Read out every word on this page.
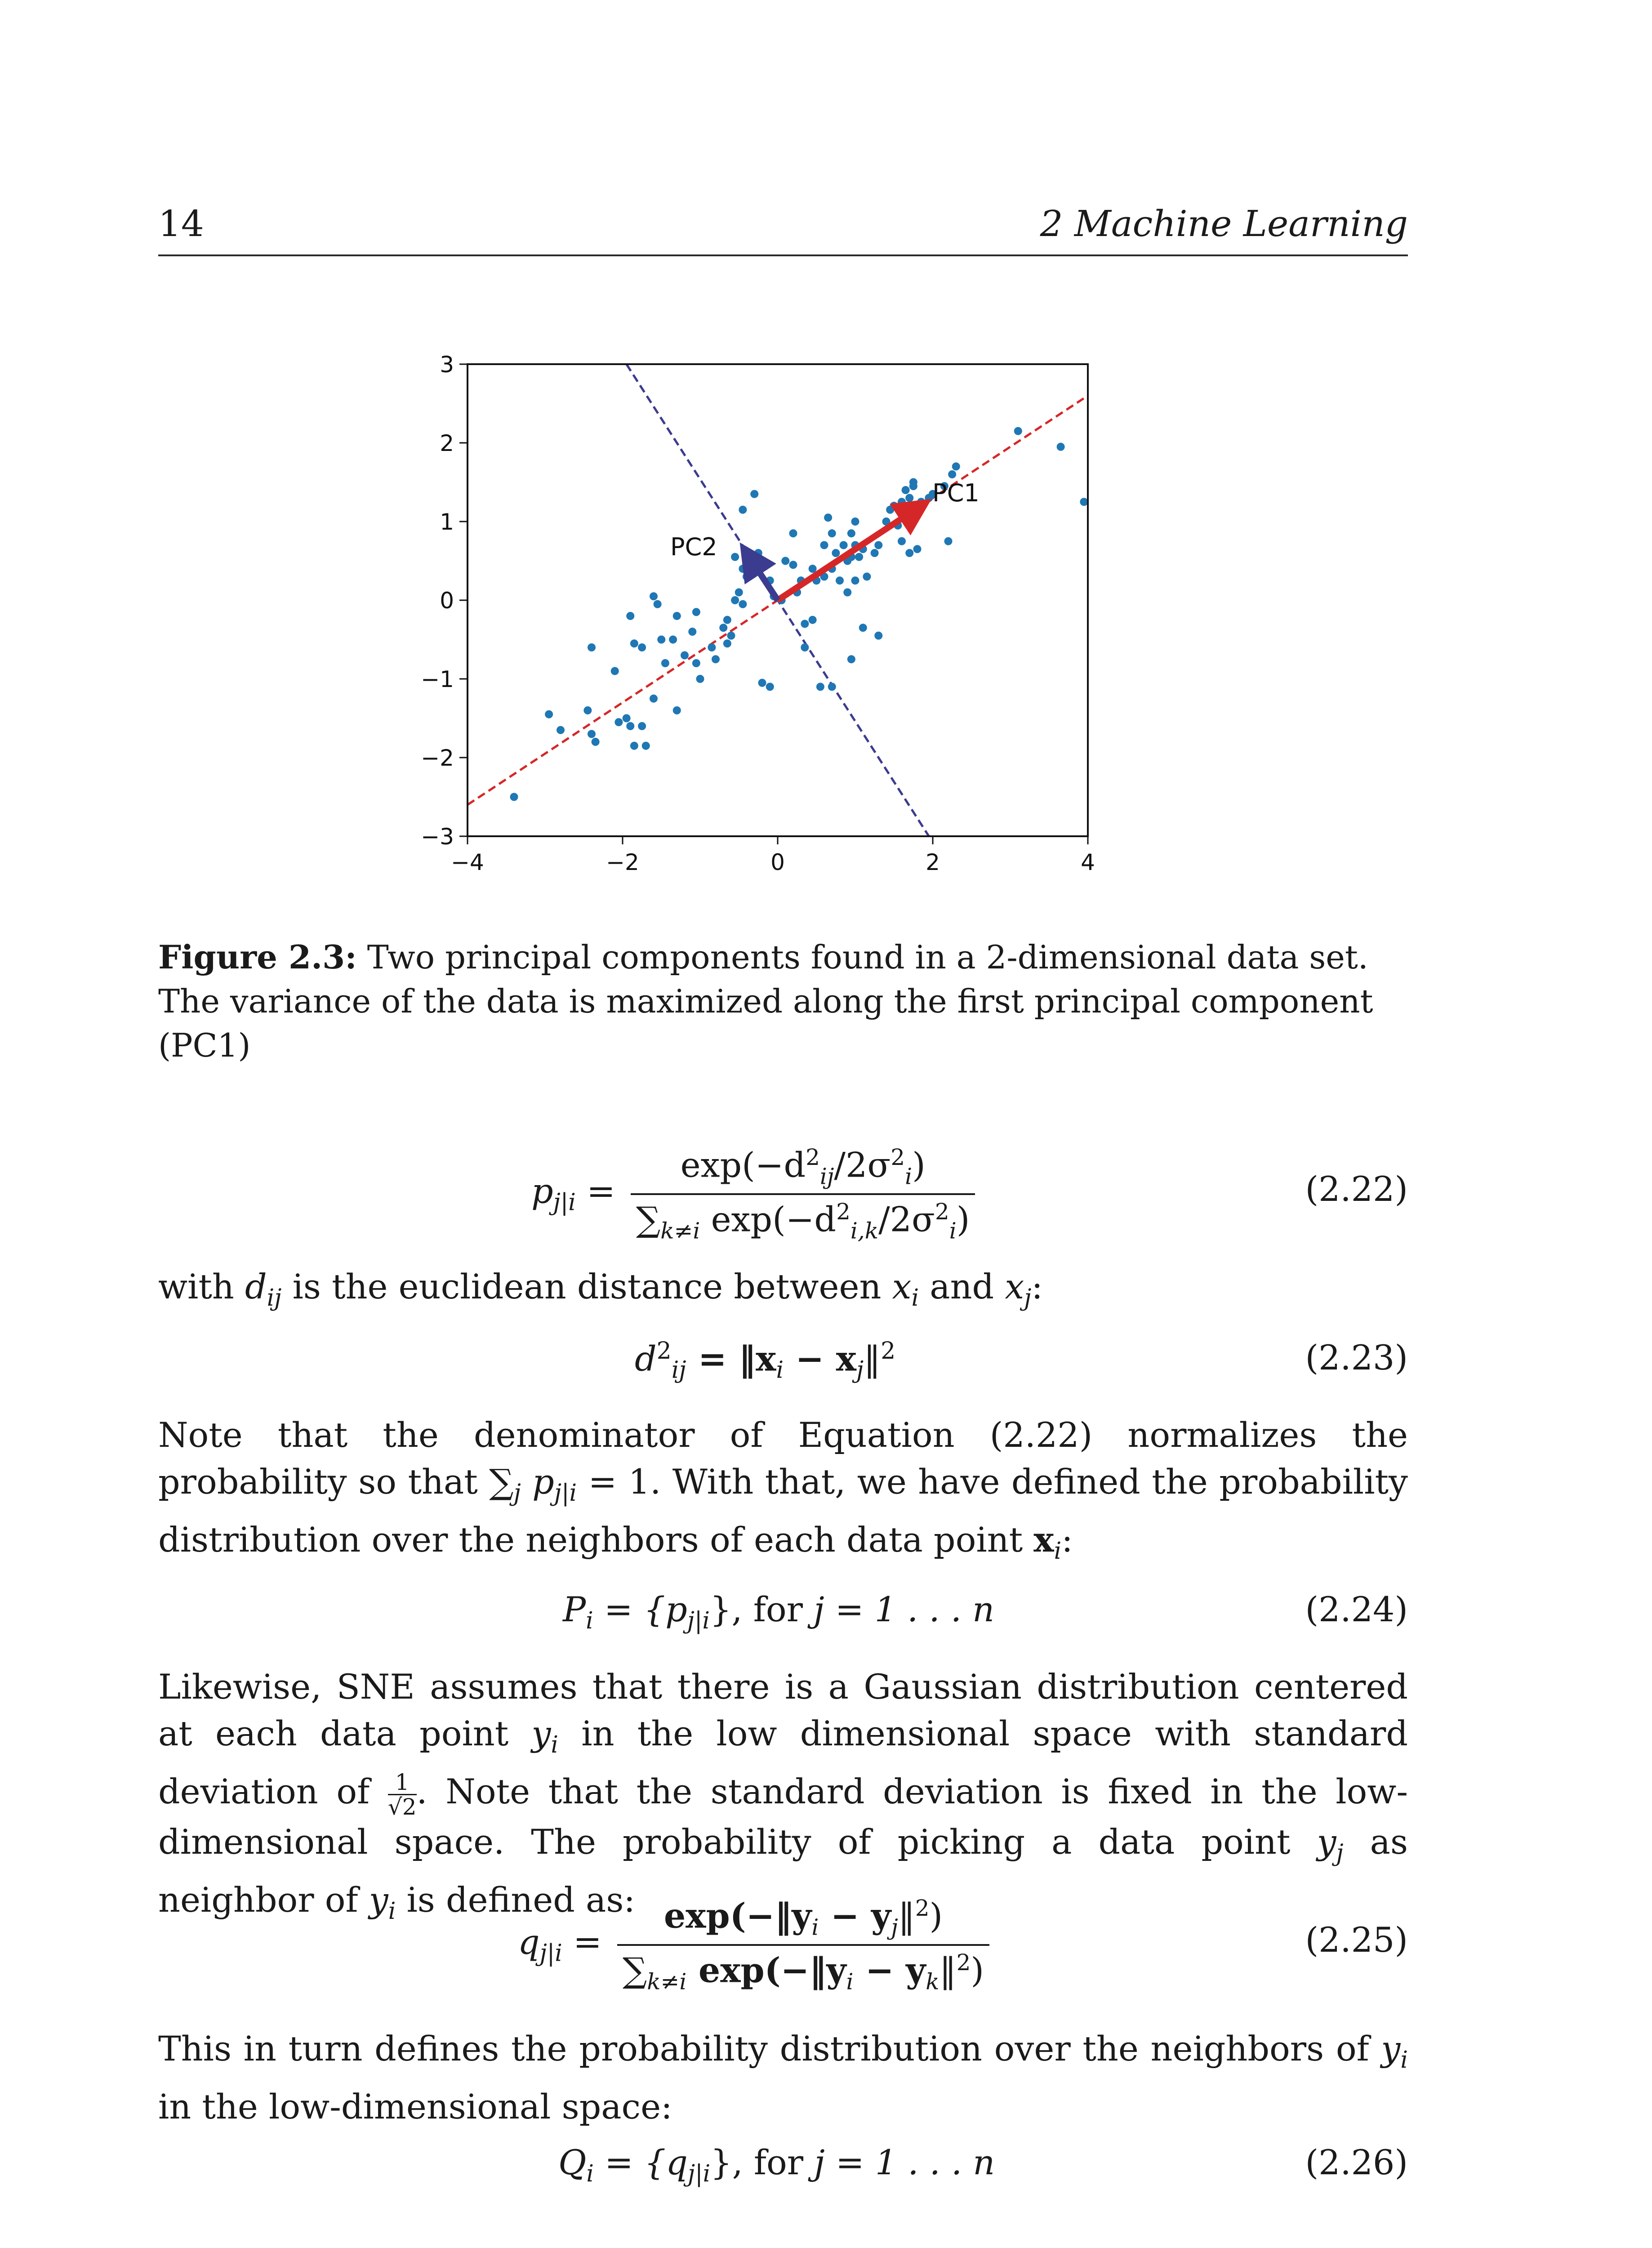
14	2 Machine Learning
−4	−2	0	2	4
−3
−2
−1
0
1
2
3
PC1
PC2
Figure 2.3: Two principal components found in a 2-dimensional data set. The variance of the data is maximized along the first principal component (PC1)
$p_{j|i} = \frac{\exp(-d^2_{ij}/2\sigma^2_i)}{\sum_{k\ne i} \exp(-d^2_{i,k}/2\sigma^2_i)}$	(2.22)
with $d_{ij}$ is the euclidean distance between $x_i$ and $x_j$:
$d^2_{ij}$ = $‖x_i$ − $x_j‖^2$	(2.23)
Note that the denominator of Equation (2.22) normalizes the probability so that $\sum_j$ $p_{j|i} = 1$. With that, we have defined the probability distribution over the neighbors of each data point $x_i$:
$P_i = \{p_{j|i}\}$, for j = 1 . . . n	(2.24)
Likewise, SNE assumes that there is a Gaussian distribution centered at each data point $y_i$ in the low dimensional space with standard deviation of $\frac{1}{√2}$ . Note that the standard deviation is fixed in the low-dimensional space. The probability of picking a data point $y_j$ as neighbor of $y_i$ is defined as:
$q_{j|i} = \frac{\exp(-‖y_i - y_j‖^2)}{\sum_{k\ne i} \exp(-‖y_i - y_k‖^2)}$	(2.25)
This in turn defines the probability distribution over the neighbors of $y_i$ in the low-dimensional space:
$Q_i = \{q_{j|i}\}$, for j = 1 . . . n	(2.26)
